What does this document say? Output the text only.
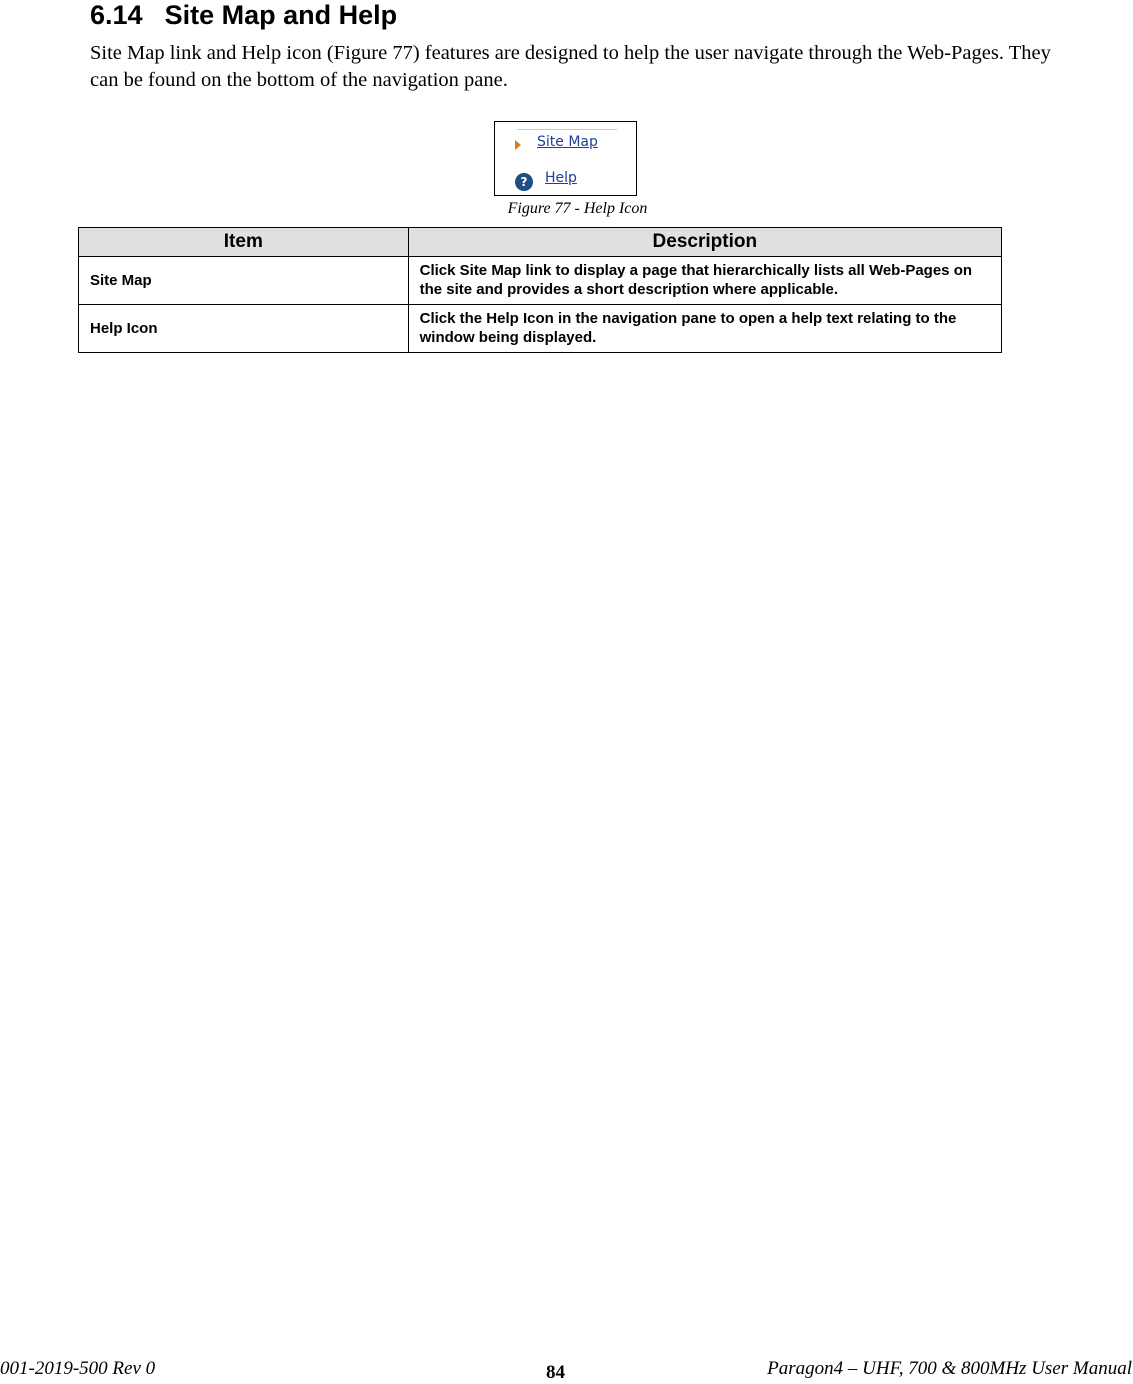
6.14 Site Map and Help

Site Map link and Help icon (Figure 77) features are designed to help the user navigate through the Web-Pages. They can be found on the bottom of the navigation pane.

Site Map
?	Help

Figure 77 - Help Icon

Item	Description
Site Map	Click Site Map link to display a page that hierarchically lists all Web-Pages on the site and provides a short description where applicable.
Help Icon	Click the Help Icon in the navigation pane to open a help text relating to the window being displayed.
001-2019-500 Rev 0	84	Paragon4 – UHF, 700 & 800MHz User Manual
